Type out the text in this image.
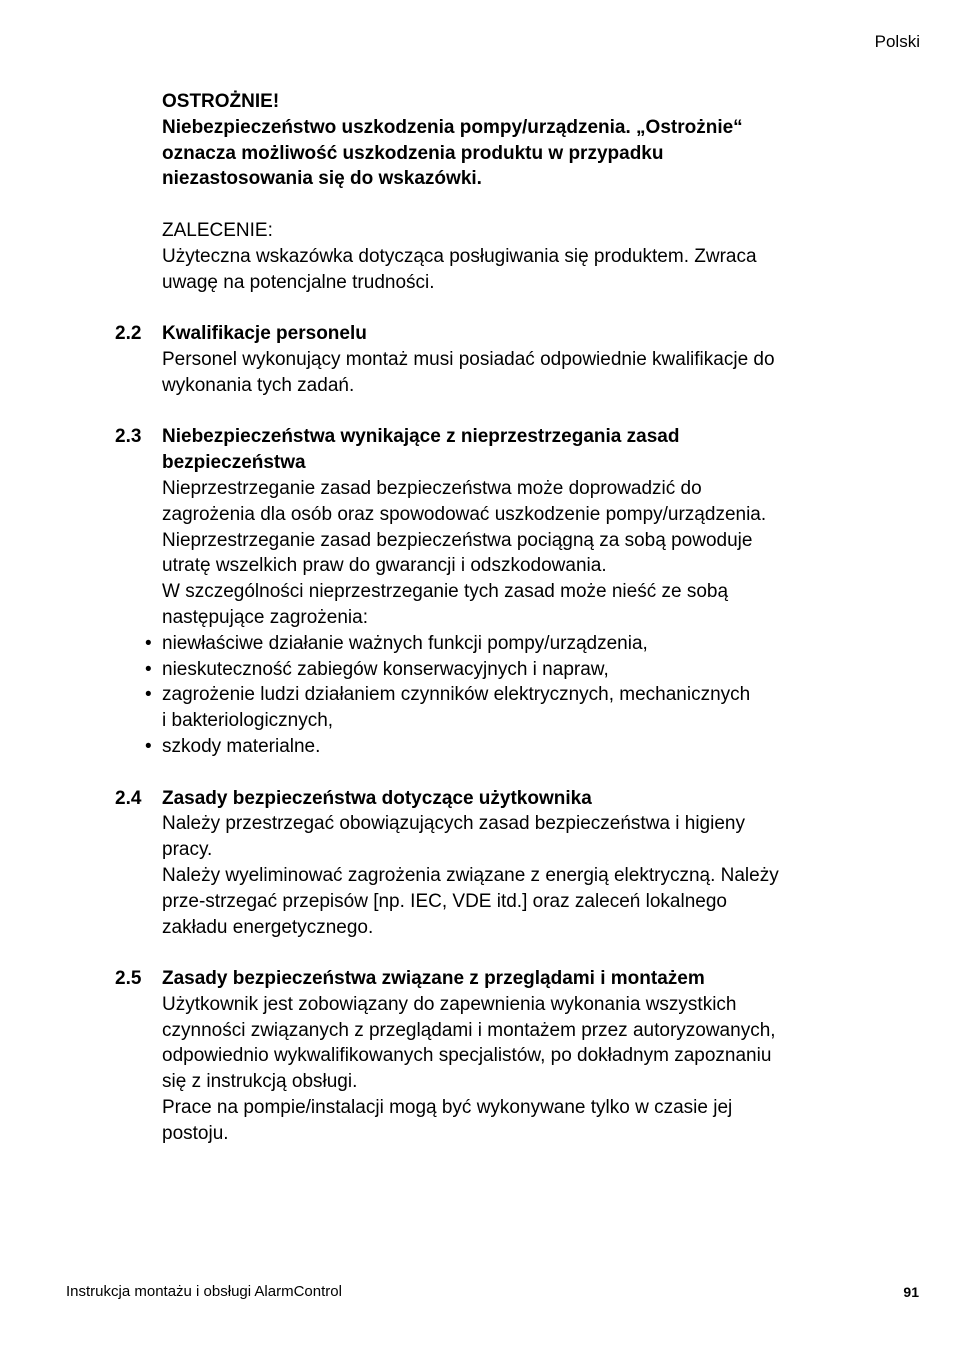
Polski
OSTROŻNIE!
Niebezpieczeństwo uszkodzenia pompy/urządzenia. „Ostrożnie“
oznacza możliwość uszkodzenia produktu w przypadku
niezastosowania się do wskazówki.
ZALECENIE:
Użyteczna wskazówka dotycząca posługiwania się produktem. Zwraca
uwagę na potencjalne trudności.
2.2	Kwalifikacje personelu
Personel wykonujący montaż musi posiadać odpowiednie kwalifikacje do
wykonania tych zadań.
2.3	Niebezpieczeństwa wynikające z nieprzestrzegania zasad
bezpieczeństwa
Nieprzestrzeganie zasad bezpieczeństwa może doprowadzić do
zagrożenia dla osób oraz spowodować uszkodzenie pompy/urządzenia.
Nieprzestrzeganie zasad bezpieczeństwa pociągną za sobą powoduje
utratę wszelkich praw do gwarancji i odszkodowania.
W szczególności nieprzestrzeganie tych zasad może nieść ze sobą
następujące zagrożenia:
• niewłaściwe działanie ważnych funkcji pompy/urządzenia,
• nieskuteczność zabiegów konserwacyjnych i napraw,
• zagrożenie ludzi działaniem czynników elektrycznych, mechanicznych
i bakteriologicznych,
• szkody materialne.
2.4	Zasady bezpieczeństwa dotyczące użytkownika
Należy przestrzegać obowiązujących zasad bezpieczeństwa i higieny
pracy.
Należy wyeliminować zagrożenia związane z energią elektryczną. Należy
prze-strzegać przepisów [np. IEC, VDE itd.] oraz zaleceń lokalnego
zakładu energetycznego.
2.5	Zasady bezpieczeństwa związane z przeglądami i montażem
Użytkownik jest zobowiązany do zapewnienia wykonania wszystkich
czynności związanych z przeglądami i montażem przez autoryzowanych,
odpowiednio wykwalifikowanych specjalistów, po dokładnym zapoznaniu
się z instrukcją obsługi.
Prace na pompie/instalacji mogą być wykonywane tylko w czasie jej
postoju.
Instrukcja montażu i obsługi AlarmControl	91
